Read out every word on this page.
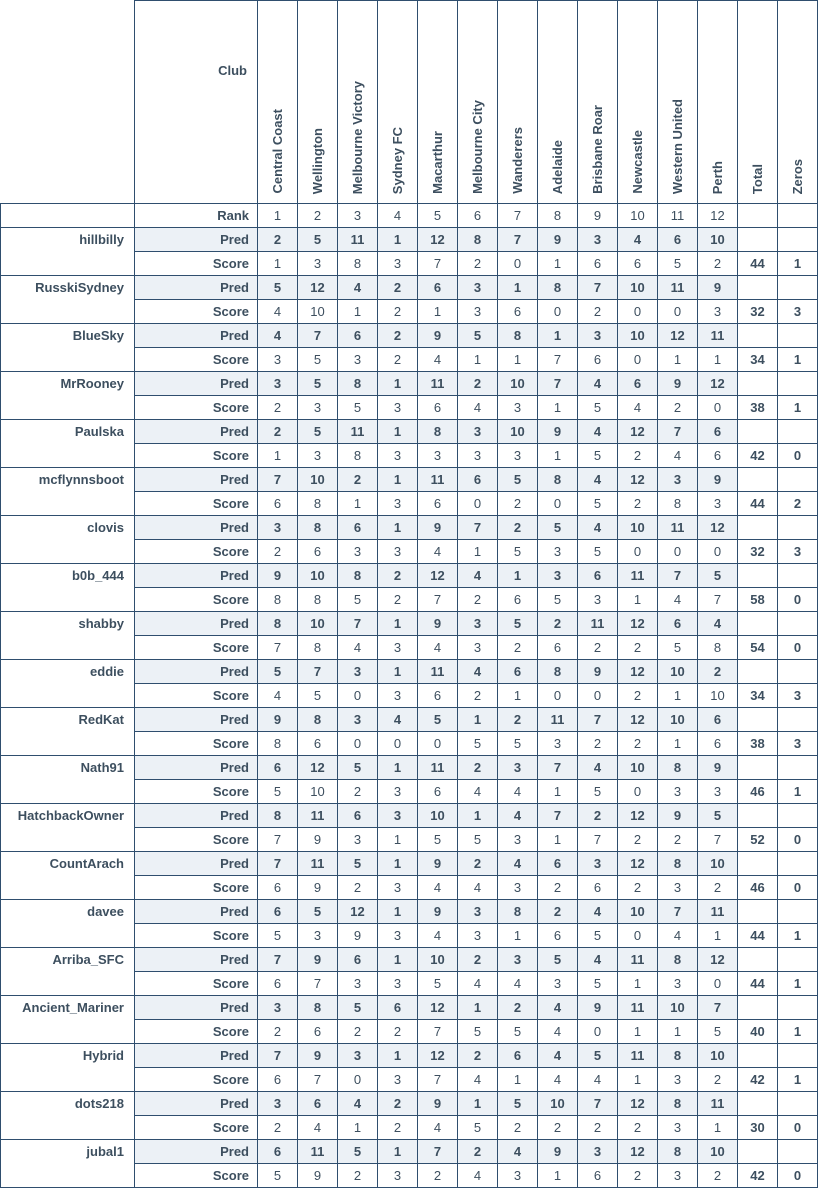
	Club	Central Coast	Wellington	Melbourne Victory	Sydney FC	Macarthur	Melbourne City	Wanderers	Adelaide	Brisbane Roar	Newcastle	Western United	Perth	Total	Zeros
	Rank	1	2	3	4	5	6	7	8	9	10	11	12		
hillbilly	Pred	2	5	11	1	12	8	7	9	3	4	6	10		
	Score	1	3	8	3	7	2	0	1	6	6	5	2	44	1
RusskiSydney	Pred	5	12	4	2	6	3	1	8	7	10	11	9		
	Score	4	10	1	2	1	3	6	0	2	0	0	3	32	3
BlueSky	Pred	4	7	6	2	9	5	8	1	3	10	12	11		
	Score	3	5	3	2	4	1	1	7	6	0	1	1	34	1
MrRooney	Pred	3	5	8	1	11	2	10	7	4	6	9	12		
	Score	2	3	5	3	6	4	3	1	5	4	2	0	38	1
Paulska	Pred	2	5	11	1	8	3	10	9	4	12	7	6		
	Score	1	3	8	3	3	3	3	1	5	2	4	6	42	0
mcflynnsboot	Pred	7	10	2	1	11	6	5	8	4	12	3	9		
	Score	6	8	1	3	6	0	2	0	5	2	8	3	44	2
clovis	Pred	3	8	6	1	9	7	2	5	4	10	11	12		
	Score	2	6	3	3	4	1	5	3	5	0	0	0	32	3
b0b_444	Pred	9	10	8	2	12	4	1	3	6	11	7	5		
	Score	8	8	5	2	7	2	6	5	3	1	4	7	58	0
shabby	Pred	8	10	7	1	9	3	5	2	11	12	6	4		
	Score	7	8	4	3	4	3	2	6	2	2	5	8	54	0
eddie	Pred	5	7	3	1	11	4	6	8	9	12	10	2		
	Score	4	5	0	3	6	2	1	0	0	2	1	10	34	3
RedKat	Pred	9	8	3	4	5	1	2	11	7	12	10	6		
	Score	8	6	0	0	0	5	5	3	2	2	1	6	38	3
Nath91	Pred	6	12	5	1	11	2	3	7	4	10	8	9		
	Score	5	10	2	3	6	4	4	1	5	0	3	3	46	1
HatchbackOwner	Pred	8	11	6	3	10	1	4	7	2	12	9	5		
	Score	7	9	3	1	5	5	3	1	7	2	2	7	52	0
CountArach	Pred	7	11	5	1	9	2	4	6	3	12	8	10		
	Score	6	9	2	3	4	4	3	2	6	2	3	2	46	0
davee	Pred	6	5	12	1	9	3	8	2	4	10	7	11		
	Score	5	3	9	3	4	3	1	6	5	0	4	1	44	1
Arriba_SFC	Pred	7	9	6	1	10	2	3	5	4	11	8	12		
	Score	6	7	3	3	5	4	4	3	5	1	3	0	44	1
Ancient_Mariner	Pred	3	8	5	6	12	1	2	4	9	11	10	7		
	Score	2	6	2	2	7	5	5	4	0	1	1	5	40	1
Hybrid	Pred	7	9	3	1	12	2	6	4	5	11	8	10		
	Score	6	7	0	3	7	4	1	4	4	1	3	2	42	1
dots218	Pred	3	6	4	2	9	1	5	10	7	12	8	11		
	Score	2	4	1	2	4	5	2	2	2	2	3	1	30	0
jubal1	Pred	6	11	5	1	7	2	4	9	3	12	8	10		
	Score	5	9	2	3	2	4	3	1	6	2	3	2	42	0
